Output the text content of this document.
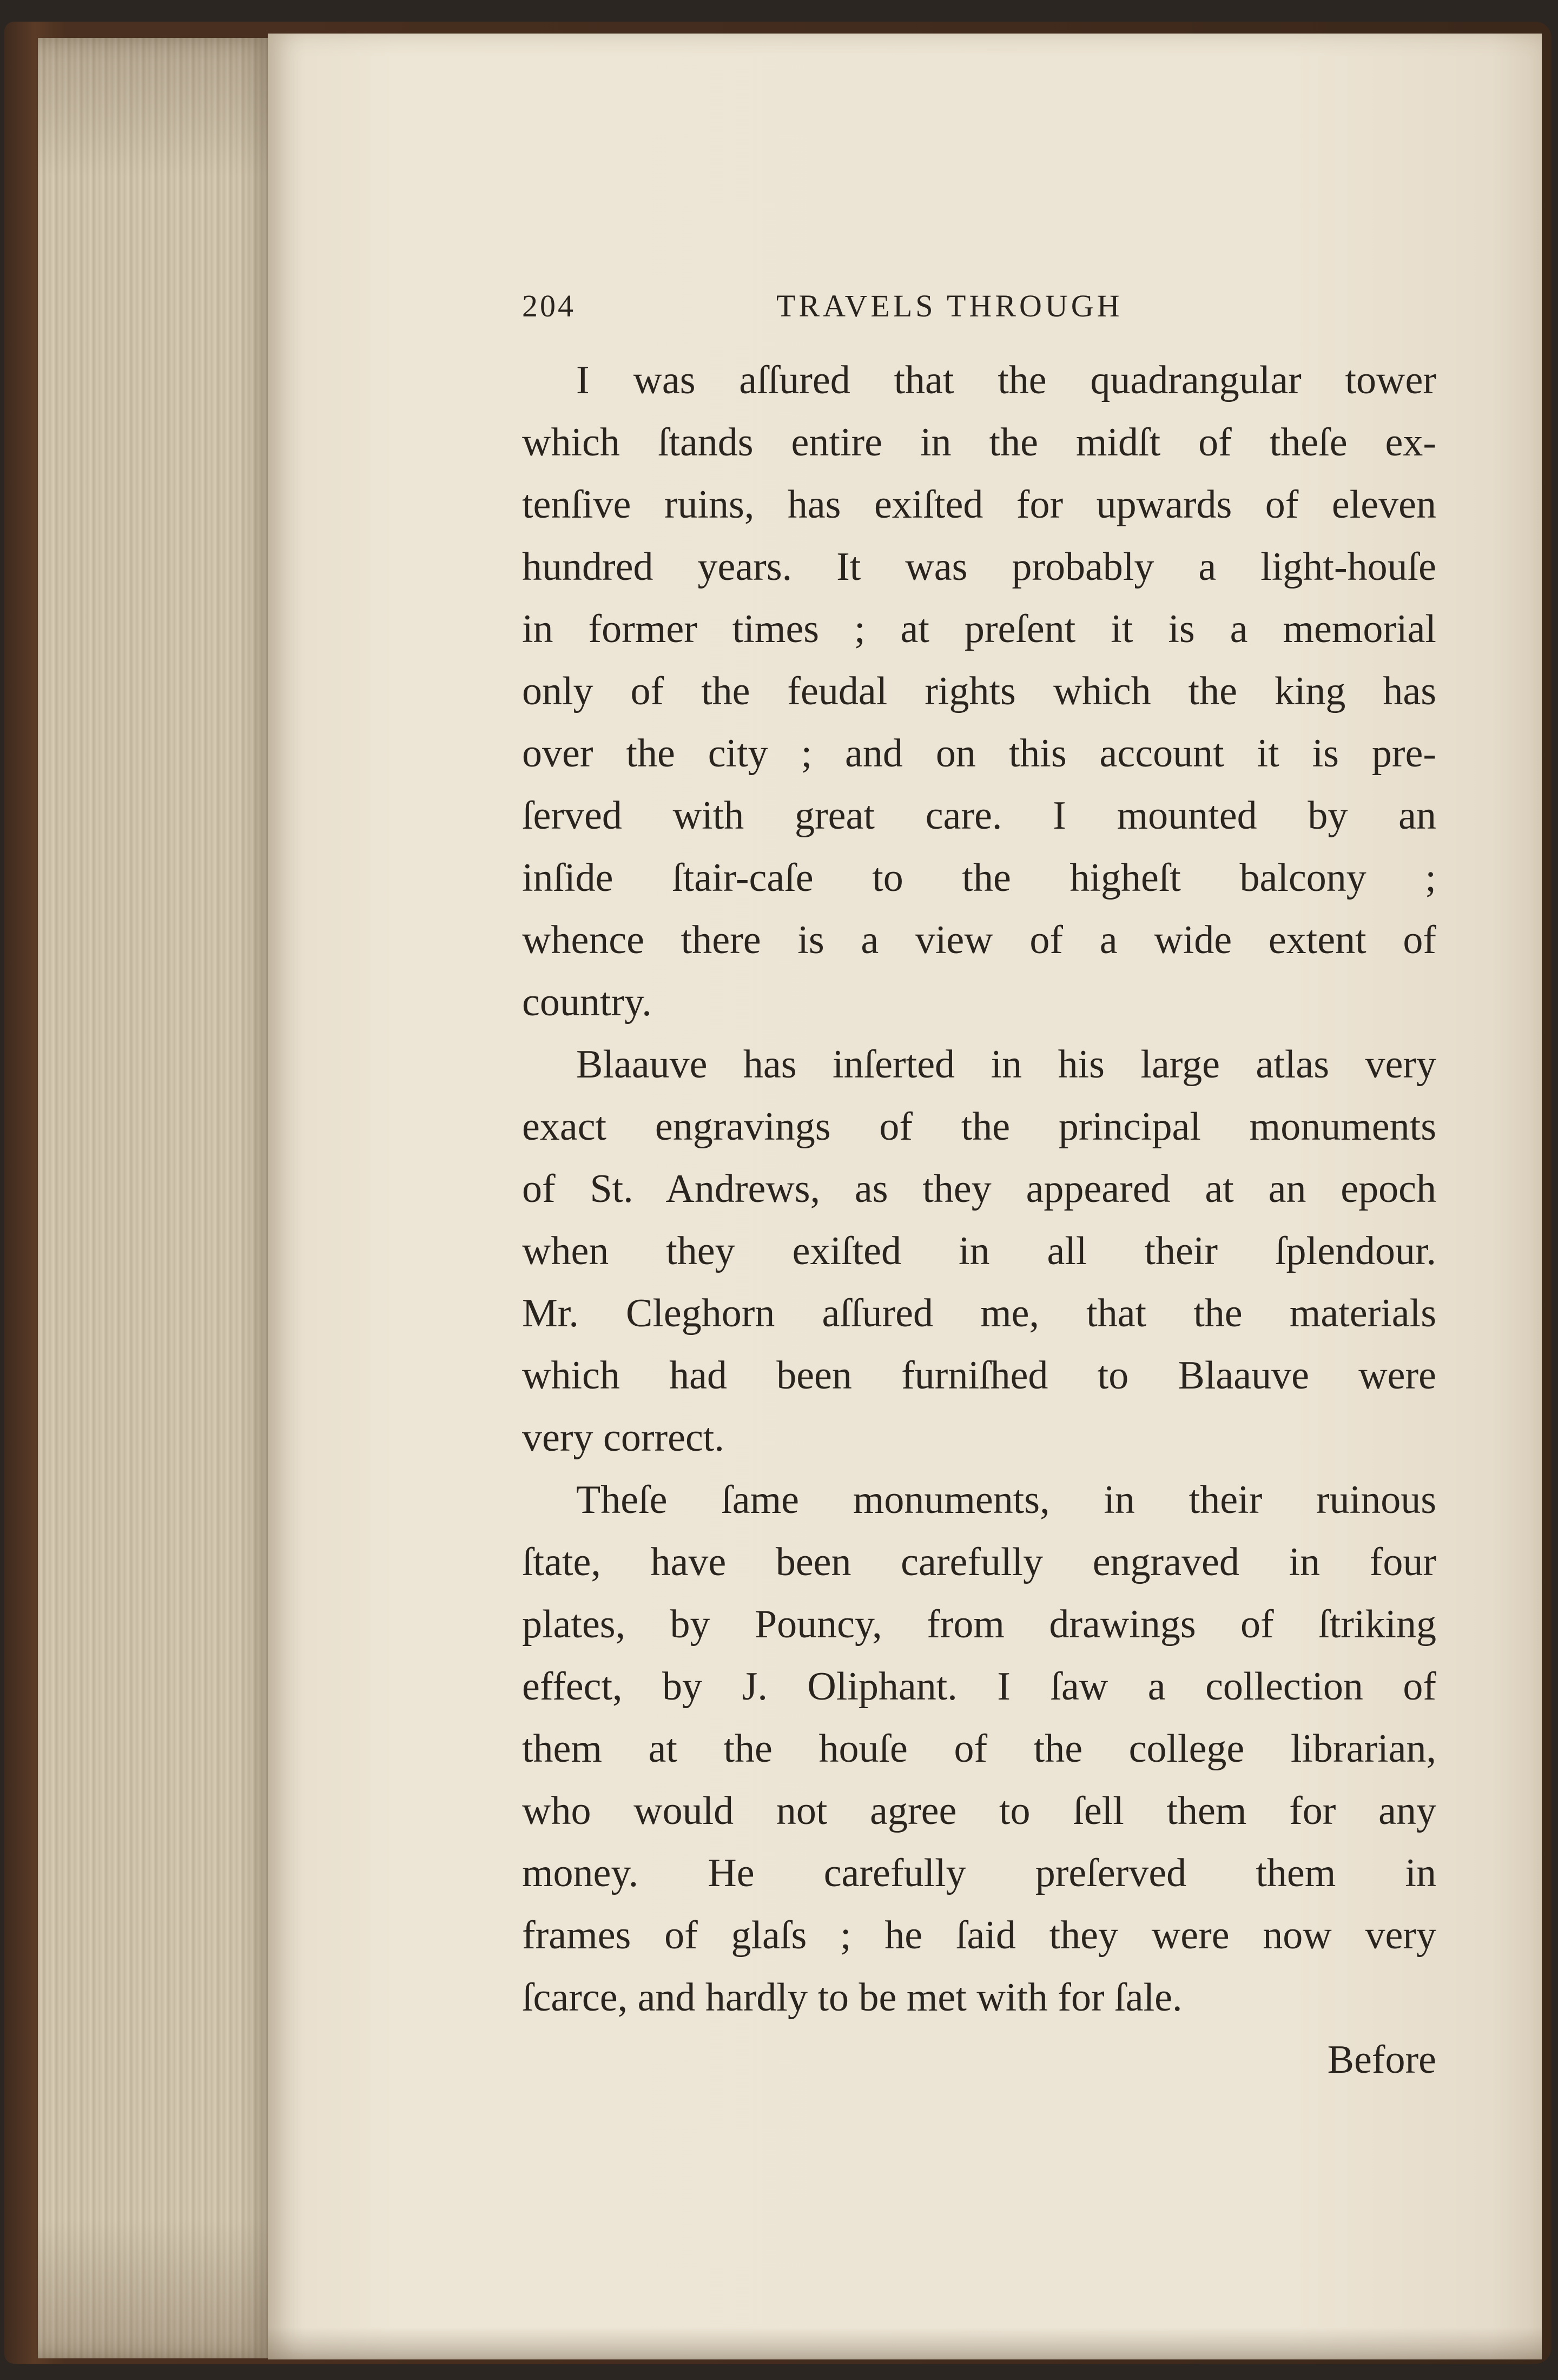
204	TRAVELS THROUGH
I was aſſured that the quadrangular tower
which ſtands entire in the midſt of theſe ex-
tenſive ruins, has exiſted for upwards of eleven
hundred years. It was probably a light-houſe
in former times ; at preſent it is a memorial
only of the feudal rights which the king has
over the city ; and on this account it is pre-
ſerved with great care. I mounted by an
inſide ſtair-caſe to the higheſt balcony ;
whence there is a view of a wide extent of
country.
Blaauve has inſerted in his large atlas very
exact engravings of the principal monuments
of St. Andrews, as they appeared at an epoch
when they exiſted in all their ſplendour.
Mr. Cleghorn aſſured me, that the materials
which had been furniſhed to Blaauve were
very correct.
Theſe ſame monuments, in their ruinous
ſtate, have been carefully engraved in four
plates, by Pouncy, from drawings of ſtriking
effect, by J. Oliphant. I ſaw a collection of
them at the houſe of the college librarian,
who would not agree to ſell them for any
money. He carefully preſerved them in
frames of glaſs ; he ſaid they were now very
ſcarce, and hardly to be met with for ſale.
Before
